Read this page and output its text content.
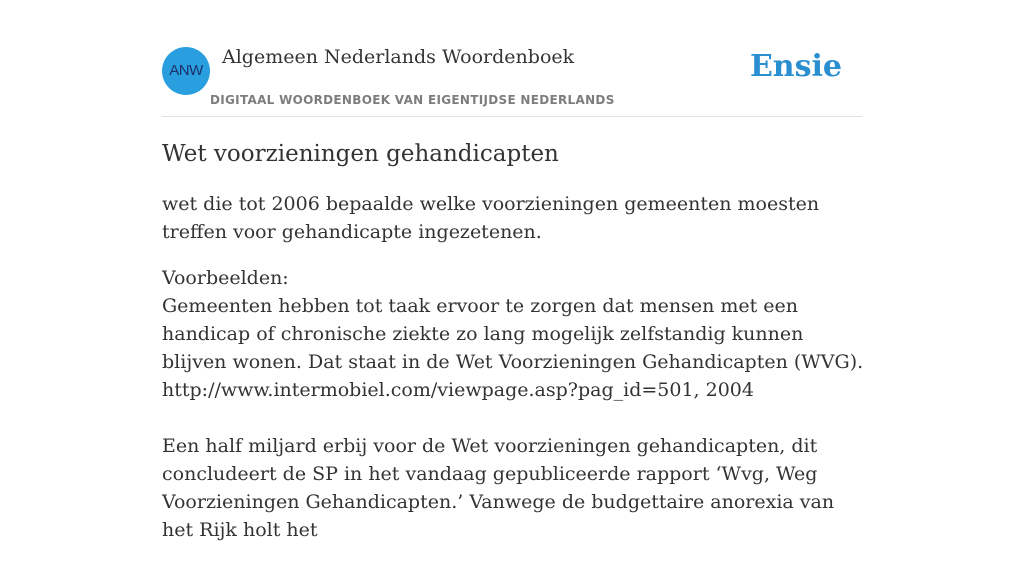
ANW
Algemeen Nederlands Woordenboek
DIGITAAL WOORDENBOEK VAN EIGENTIJDSE NEDERLANDS
Ensie
Wet voorzieningen gehandicapten

wet die tot 2006 bepaalde welke voorzieningen gemeenten moesten treffen voor gehandicapte ingezetenen.

Voorbeelden:
Gemeenten hebben tot taak ervoor te zorgen dat mensen met een handicap of chronische ziekte zo lang mogelijk zelfstandig kunnen blijven wonen. Dat staat in de Wet Voorzieningen Gehandicapten (WVG).
http://www.intermobiel.com/viewpage.asp?pag_id=501, 2004
Een half miljard erbij voor de Wet voorzieningen gehandicapten, dit concludeert de SP in het vandaag gepubliceerde rapport ‘Wvg, Weg Voorzieningen Gehandicapten.’ Vanwege de budgettaire anorexia van het Rijk holt het
